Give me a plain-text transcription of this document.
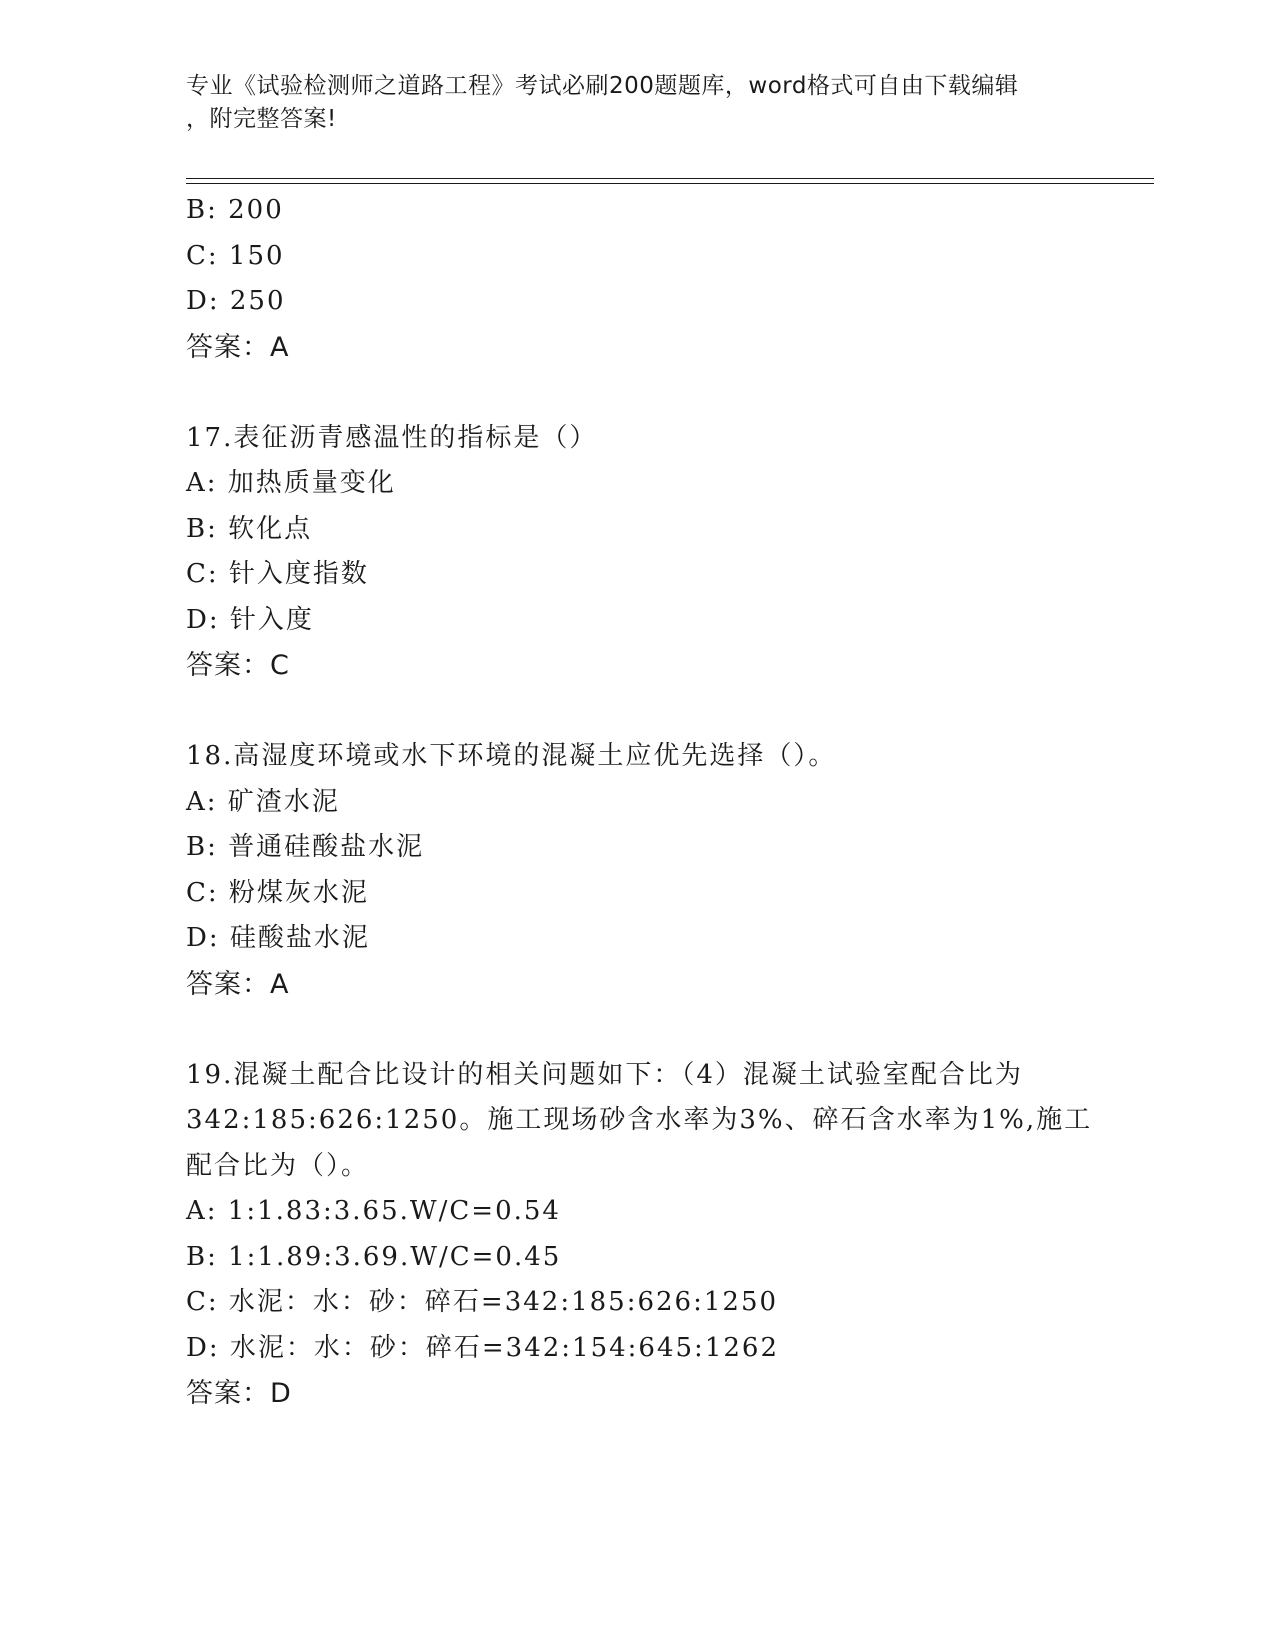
专业《试验检测师之道路工程》考试必刷200题题库，word格式可自由下载编辑
，附完整答案!
B: 200
C: 150
D: 250
答案：A
17.表征沥青感温性的指标是（）
A: 加热质量变化
B: 软化点
C: 针入度指数
D: 针入度
答案：C
18.高湿度环境或水下环境的混凝土应优先选择（）。
A: 矿渣水泥
B: 普通硅酸盐水泥
C: 粉煤灰水泥
D: 硅酸盐水泥
答案：A
19.混凝土配合比设计的相关问题如下：（4）混凝土试验室配合比为
342:185:626:1250。施工现场砂含水率为3%、碎石含水率为1%,施工
配合比为（）。
A: 1:1.83:3.65.W/C=0.54
B: 1:1.89:3.69.W/C=0.45
C: 水泥：水：砂：碎石=342:185:626:1250
D: 水泥：水：砂：碎石=342:154:645:1262
答案：D
